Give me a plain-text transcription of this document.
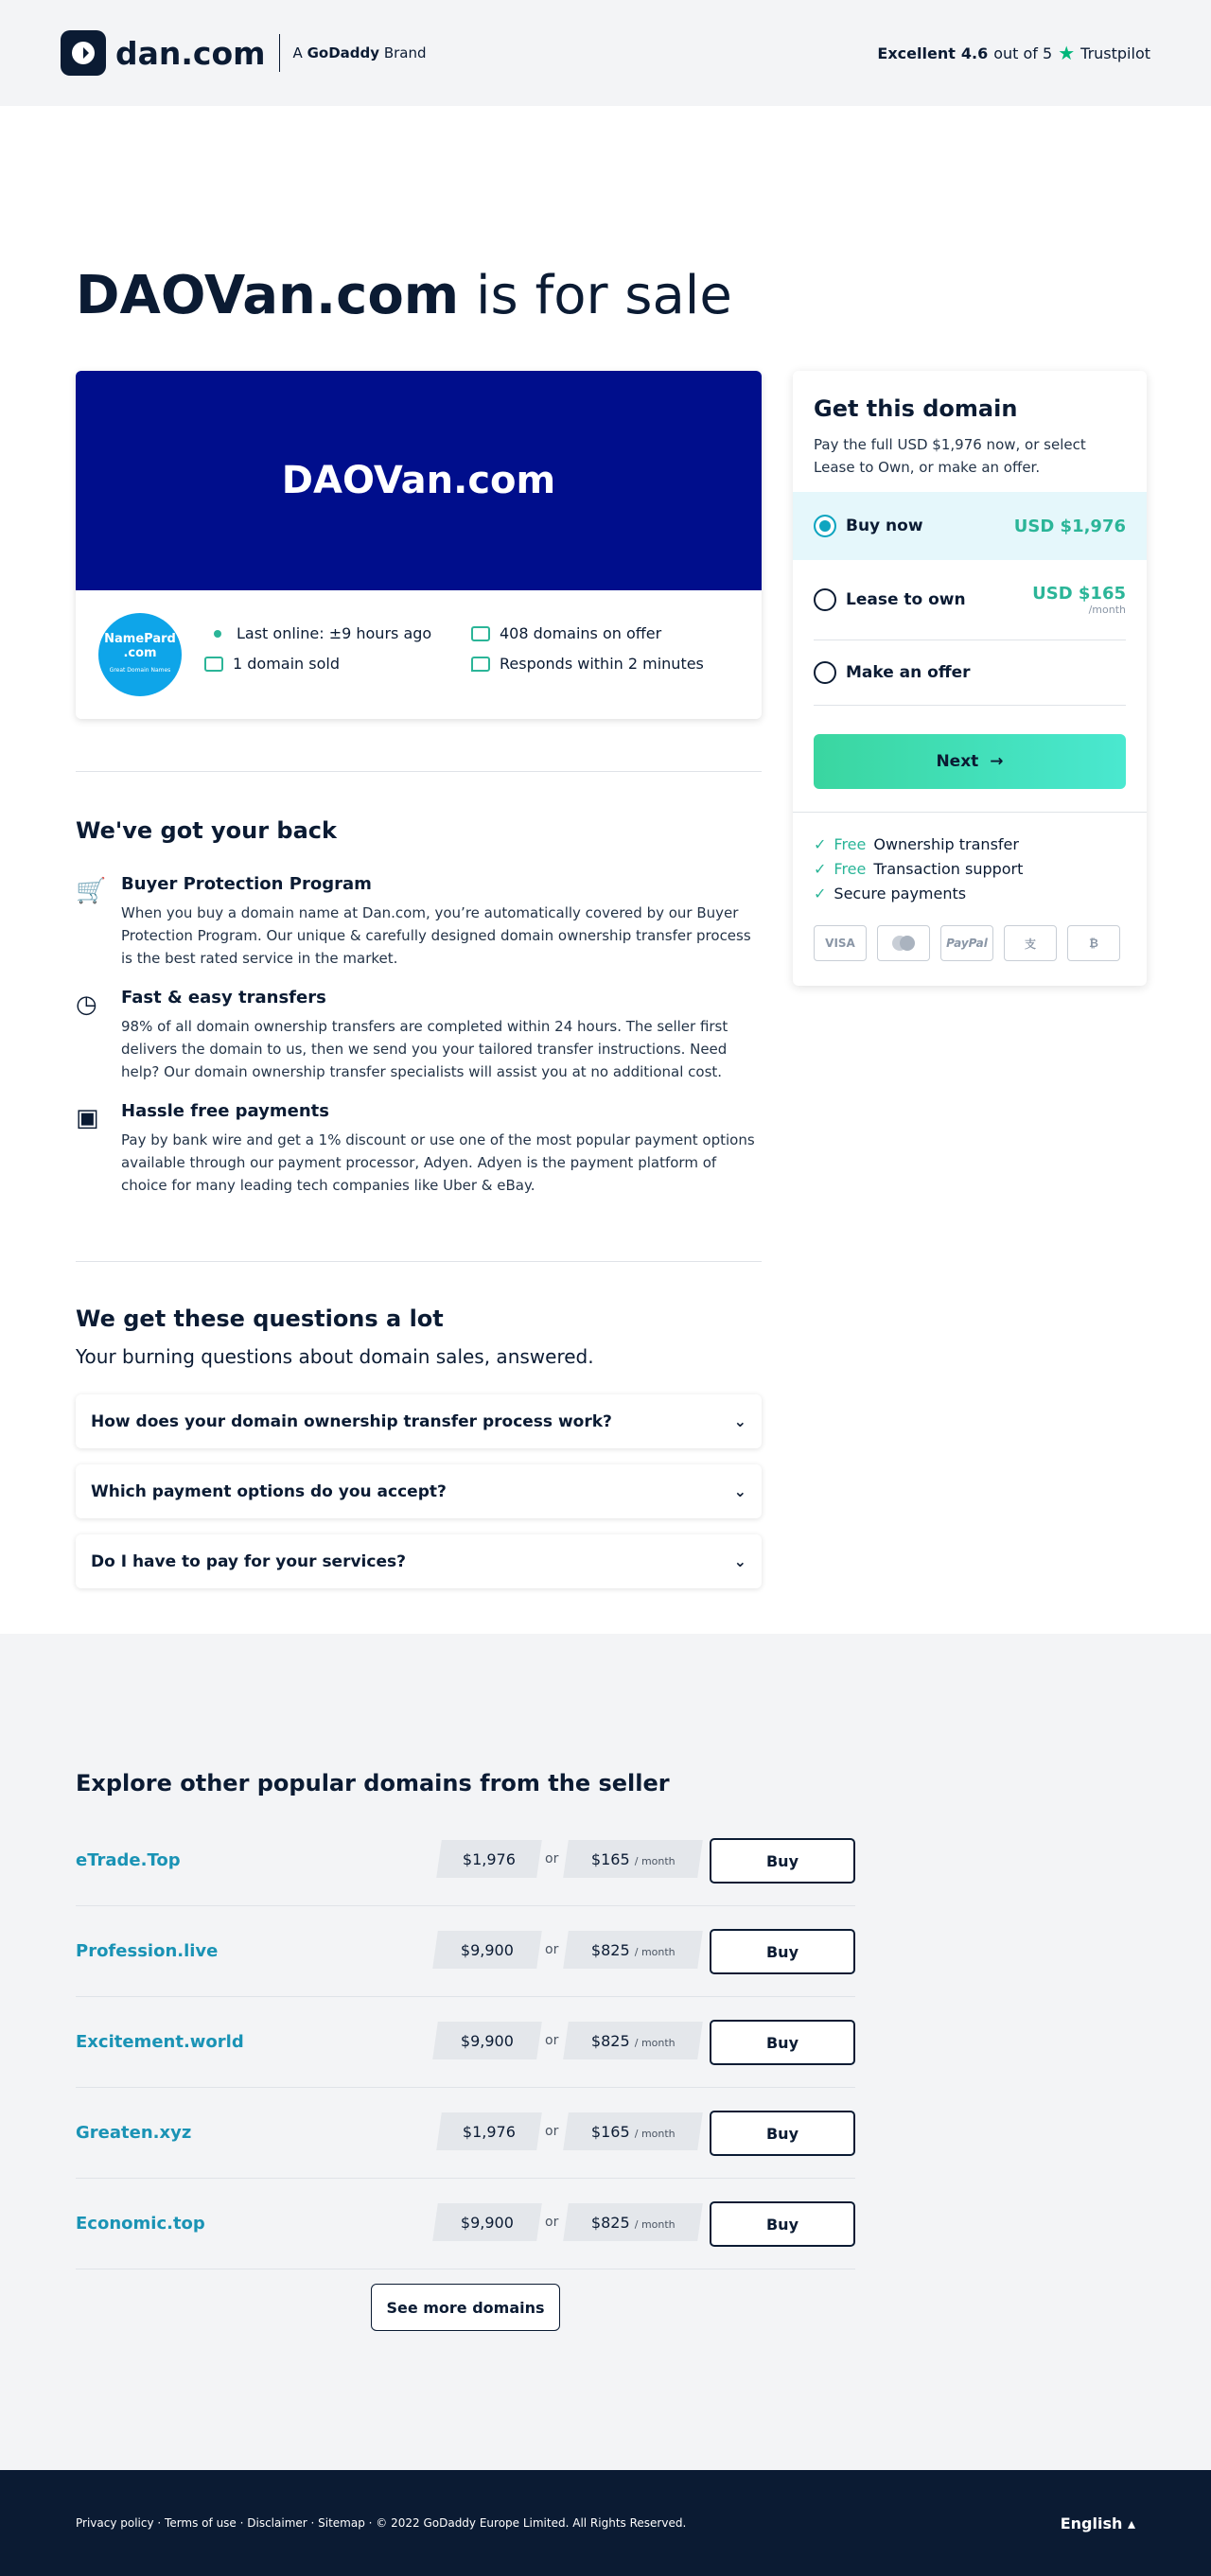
dan.com A GoDaddy Brand	Excellent 4.6 out of 5 ★ Trustpilot
DAOVan.com is for sale
DAOVan.com
NamePard
.com
Great Domain Names
Last online: ±9 hours ago
1 domain sold
408 domains on offer
Responds within 2 minutes
We've got your back
🛒 Buyer Protection Program

When you buy a domain name at Dan.com, you’re automatically covered by our Buyer Protection Program. Our unique & carefully designed domain ownership transfer process is the best rated service in the market.

◷	Fast & easy transfers

98% of all domain ownership transfers are completed within 24 hours. The seller first delivers the domain to us, then we send you your tailored transfer instructions. Need help? Our domain ownership transfer specialists will assist you at no additional cost.

▣	Hassle free payments

Pay by bank wire and get a 1% discount or use one of the most popular payment options available through our payment processor, Adyen. Adyen is the payment platform of choice for many leading tech companies like Uber & eBay.

We get these questions a lot
Your burning questions about domain sales, answered.
How does your domain ownership transfer process work?	⌄
Which payment options do you accept?	⌄
Do I have to pay for your services?	⌄
Get this domain

Pay the full USD $1,976 now, or select Lease to Own, or make an offer.

Buy now	USD $1,976
Lease to own	USD $165
/month
Make an offer
Next →
✓ Free Ownership transfer
✓ Free Transaction support
✓ Secure payments
VISA	PayPal	支	₿
Explore other popular domains from the seller
eTrade.Top	$1,976 or $165 / month	Buy
Profession.live	$9,900 or $825 / month	Buy
Excitement.world	$9,900 or $825 / month	Buy
Greaten.xyz	$1,976 or $165 / month	Buy
Economic.top	$9,900 or $825 / month	Buy
See more domains
Privacy policy · Terms of use · Disclaimer · Sitemap · © 2022 GoDaddy Europe Limited. All Rights Reserved.	English ▴
